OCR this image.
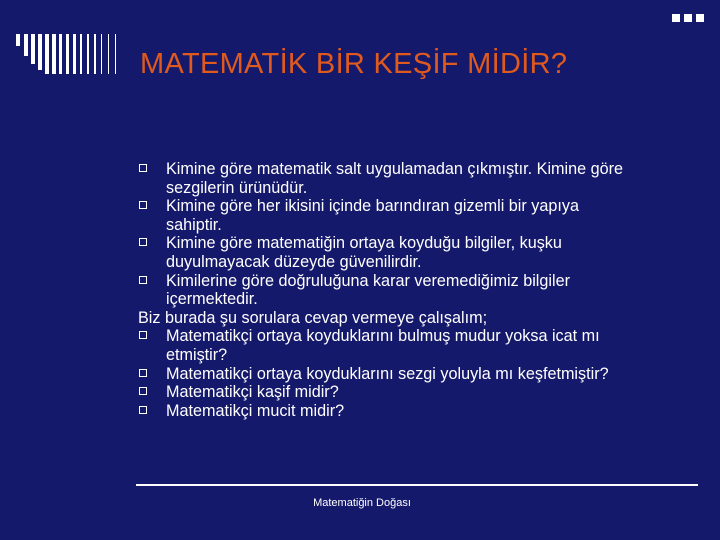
MATEMATİK BİR KEŞİF MİDİR?
Kimine göre matematik salt uygulamadan çıkmıştır. Kimine göre
sezgilerin ürünüdür.
Kimine göre her ikisini içinde barındıran gizemli bir yapıya
sahiptir.
Kimine göre matematiğin ortaya koyduğu bilgiler, kuşku
duyulmayacak düzeyde güvenilirdir.
Kimilerine göre doğruluğuna karar veremediğimiz bilgiler
içermektedir.
Biz burada şu sorulara cevap vermeye çalışalım;
Matematikçi ortaya koyduklarını bulmuş mudur yoksa icat mı
etmiştir?
Matematikçi ortaya koyduklarını sezgi yoluyla mı keşfetmiştir?
Matematikçi kaşif midir?
Matematikçi mucit midir?
Matematiğin Doğası
